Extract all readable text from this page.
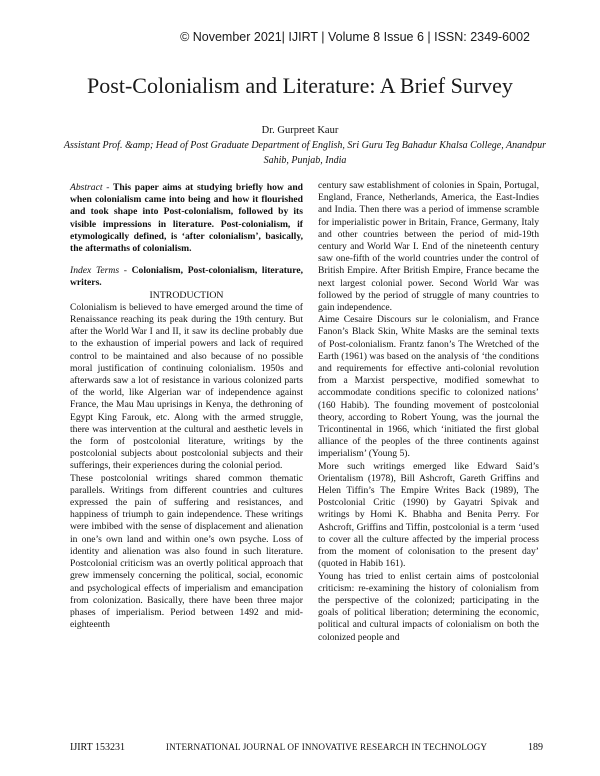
© November 2021| IJIRT | Volume 8 Issue 6 | ISSN: 2349-6002
Post-Colonialism and Literature: A Brief Survey
Dr. Gurpreet Kaur
Assistant Prof. &amp; Head of Post Graduate Department of English, Sri Guru Teg Bahadur Khalsa College, Anandpur Sahib, Punjab, India

Abstract - This paper aims at studying briefly how and when colonialism came into being and how it flourished and took shape into Post-colonialism, followed by its visible impressions in literature. Post-colonialism, if etymologically defined, is ‘after colonialism’, basically, the aftermaths of colonialism.

Index Terms - Colonialism, Post-colonialism, literature, writers.

INTRODUCTION

Colonialism is believed to have emerged around the time of Renaissance reaching its peak during the 19th century. But after the World War I and II, it saw its decline probably due to the exhaustion of imperial powers and lack of required control to be maintained and also because of no possible moral justification of continuing colonialism. 1950s and afterwards saw a lot of resistance in various colonized parts of the world, like Algerian war of independence against France, the Mau Mau uprisings in Kenya, the dethroning of Egypt King Farouk, etc. Along with the armed struggle, there was intervention at the cultural and aesthetic levels in the form of postcolonial literature, writings by the postcolonial subjects about postcolonial subjects and their sufferings, their experiences during the colonial period.

These postcolonial writings shared common thematic parallels. Writings from different countries and cultures expressed the pain of suffering and resistances, and happiness of triumph to gain independence. These writings were imbibed with the sense of displacement and alienation in one’s own land and within one’s own psyche. Loss of identity and alienation was also found in such literature. Postcolonial criticism was an overtly political approach that grew immensely concerning the political, social, economic and psychological effects of imperialism and emancipation from colonization. Basically, there have been three major phases of imperialism. Period between 1492 and mid-eighteenth

century saw establishment of colonies in Spain, Portugal, England, France, Netherlands, America, the East-Indies and India. Then there was a period of immense scramble for imperialistic power in Britain, France, Germany, Italy and other countries between the period of mid-19th century and World War I. End of the nineteenth century saw one-fifth of the world countries under the control of British Empire. After British Empire, France became the next largest colonial power. Second World War was followed by the period of struggle of many countries to gain independence.

Aime Cesaire Discours sur le colonialism, and France Fanon’s Black Skin, White Masks are the seminal texts of Post-colonialism. Frantz fanon’s The Wretched of the Earth (1961) was based on the analysis of ‘the conditions and requirements for effective anti-colonial revolution from a Marxist perspective, modified somewhat to accommodate conditions specific to colonized nations’ (160 Habib). The founding movement of postcolonial theory, according to Robert Young, was the journal the Tricontinental in 1966, which ‘initiated the first global alliance of the peoples of the three continents against imperialism’ (Young 5).

More such writings emerged like Edward Said’s Orientalism (1978), Bill Ashcroft, Gareth Griffins and Helen Tiffin’s The Empire Writes Back (1989), The Postcolonial Critic (1990) by Gayatri Spivak and writings by Homi K. Bhabha and Benita Perry. For Ashcroft, Griffins and Tiffin, postcolonial is a term ‘used to cover all the culture affected by the imperial process from the moment of colonisation to the present day’ (quoted in Habib 161).

Young has tried to enlist certain aims of postcolonial criticism: re-examining the history of colonialism from the perspective of the colonized; participating in the goals of political liberation; determining the economic, political and cultural impacts of colonialism on both the colonized people and

IJIRT 153231	INTERNATIONAL JOURNAL OF INNOVATIVE RESEARCH IN TECHNOLOGY	189
